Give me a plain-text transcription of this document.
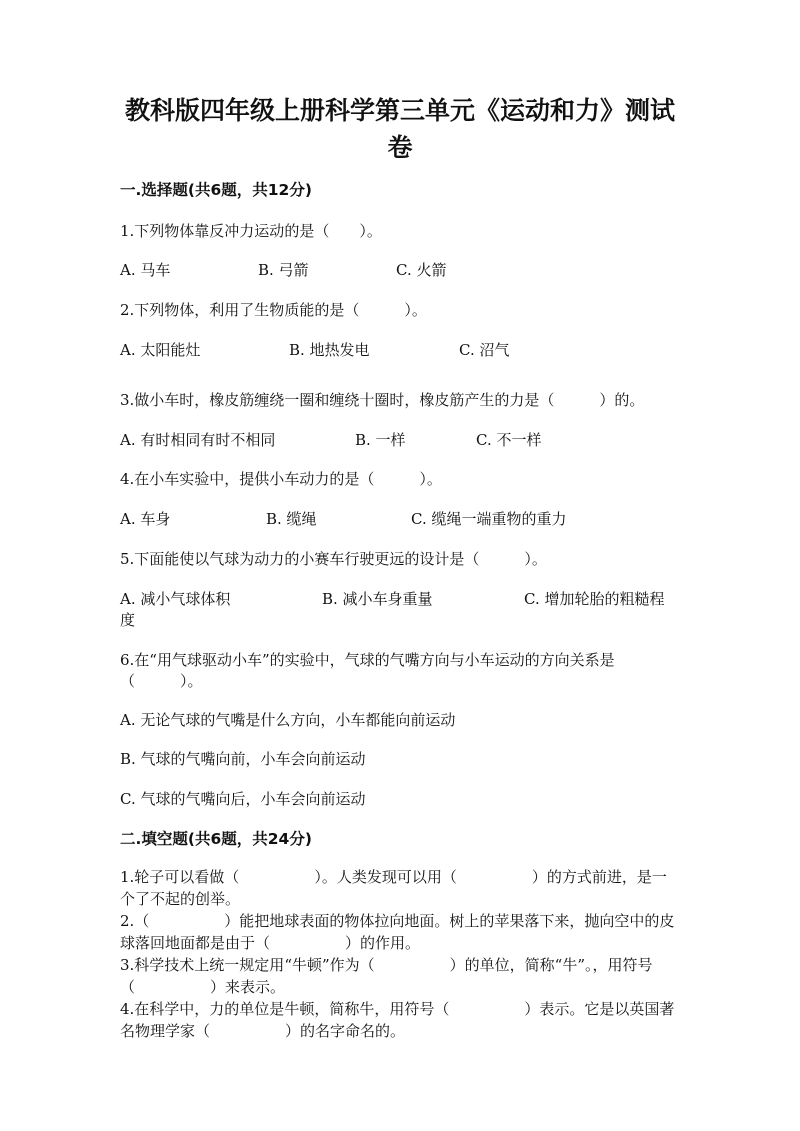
教科版四年级上册科学第三单元《运动和力》测试
卷
一.选择题(共6题，共12分)
1.下列物体靠反冲力运动的是（　　）。
A. 马车	B. 弓箭	C. 火箭
2.下列物体，利用了生物质能的是（　　　）。
A. 太阳能灶	B. 地热发电	C. 沼气
3.做小车时，橡皮筋缠绕一圈和缠绕十圈时，橡皮筋产生的力是（　　　）的。
A. 有时相同有时不相同	B. 一样	C. 不一样
4.在小车实验中，提供小车动力的是（　　　）。
A. 车身	B. 缆绳	C. 缆绳一端重物的重力
5.下面能使以气球为动力的小赛车行驶更远的设计是（　　　）。
A. 减小气球体积	B. 减小车身重量	C. 增加轮胎的粗糙程
度
6.在“用气球驱动小车”的实验中，气球的气嘴方向与小车运动的方向关系是
（　　　）。
A. 无论气球的气嘴是什么方向，小车都能向前运动
B. 气球的气嘴向前，小车会向前运动
C. 气球的气嘴向后，小车会向前运动
二.填空题(共6题，共24分)
1.轮子可以看做（　　　　　）。人类发现可以用（　　　　　）的方式前进，是一个了不起的创举。
2.（　　　　　）能把地球表面的物体拉向地面。树上的苹果落下来，抛向空中的皮球落回地面都是由于（　　　　　）的作用。
3.科学技术上统一规定用“牛顿”作为（　　　　　）的单位，简称“牛”。，用符号（　　　　　）来表示。
4.在科学中，力的单位是牛顿，简称牛，用符号（　　　　　）表示。它是以英国著名物理学家（　　　　　）的名字命名的。
